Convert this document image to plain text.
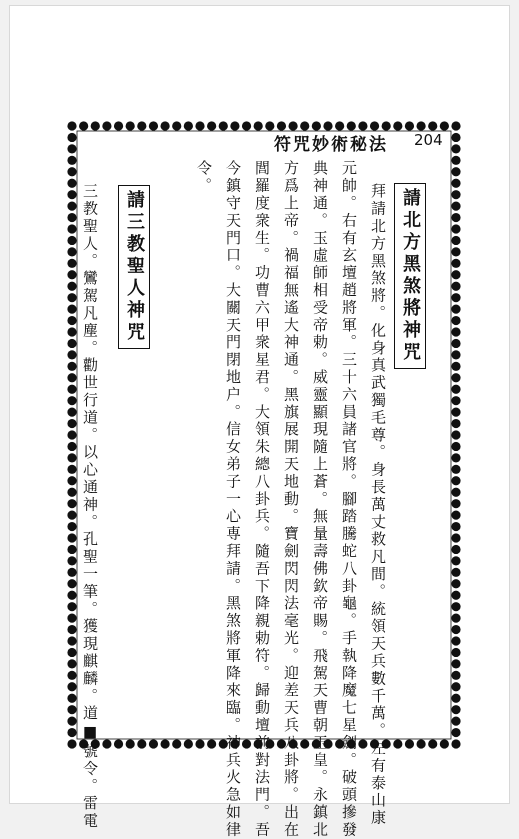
符咒妙術秘法 204
請北方黑煞將神咒
拜請北方黑煞將。化身真武獨毛尊。身長萬丈救凡間。統領天兵數千萬。左有泰山康
元帥。右有玄壇趙將軍。三十六員諸官將。腳踏騰蛇八卦龜。手執降魔七星劍。破頭摻發
典神通。玉虛師相受帝勅。威靈顯現隨上蒼。無量壽佛欽帝賜。飛駕天曹朝玉皇。永鎮北
方爲上帝。禍福無遙大神通。黑旗展開天地動。寶劍閃閃法毫光。迎差天兵八卦將。出在
閭羅度衆生。功曹六甲衆星君。大領朱總八卦兵。隨吾下降親勅符。歸動壇前對法門。吾
今鎮守天門口。大關天門閉地户。信女弟子一心専拜請。黑煞將軍降來臨。神兵火急如律
令。
請三教聖人神咒
三教聖人。鸞駕凡塵。勸世行道。以心通神。孔聖一筆。獲現麒麟。道■號令。雷電
